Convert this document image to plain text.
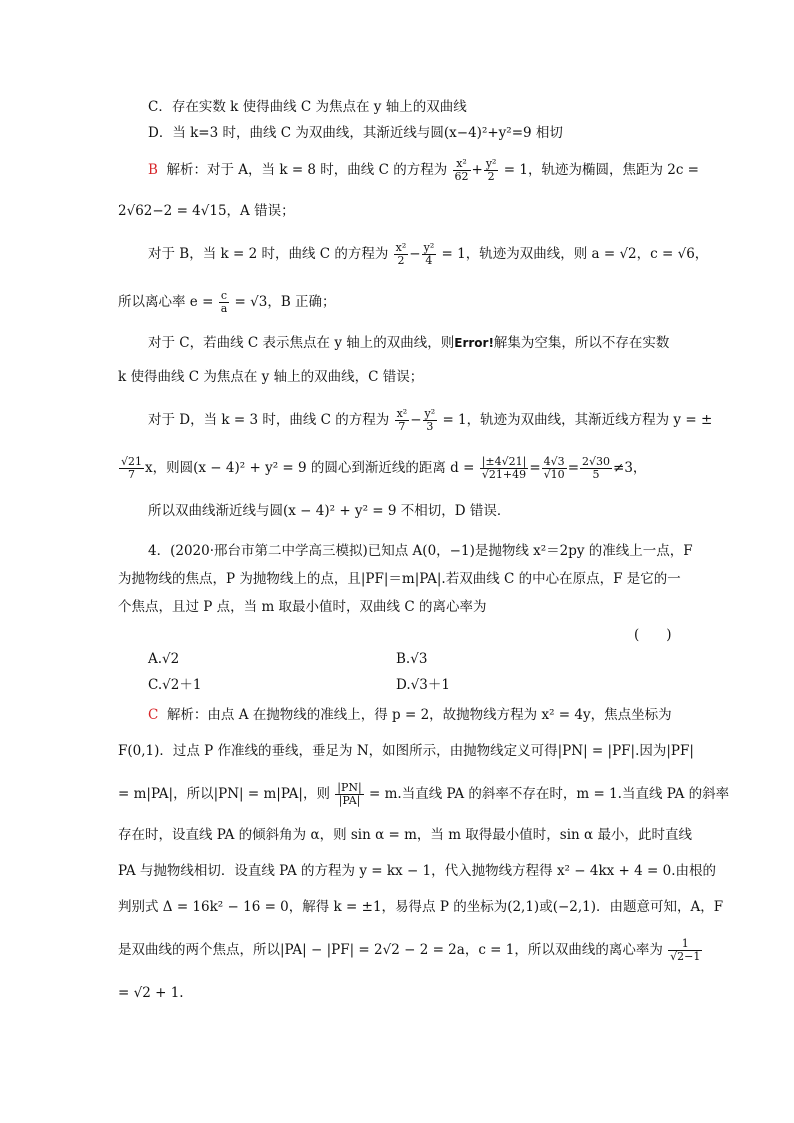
C．存在实数 k 使得曲线 C 为焦点在 y 轴上的双曲线
D．当 k=3 时，曲线 C 为双曲线，其渐近线与圆(x−4)²+y²=9 相切
B 解析：对于 A，当 k = 8 时，曲线 C 的方程为 $\frac{\text{x²}}{62} + \frac{\text{y²}}{2} = 1$，轨迹为椭圆，焦距为 2c =
2√62−2 = 4√15，A 错误；
对于 B，当 k = 2 时，曲线 C 的方程为 $\frac{\text{x²}}{2} - \frac{\text{y²}}{4} = 1$，轨迹为双曲线，则 a = √2，c = √6，
所以离心率 $e = \frac{c}{a} = √3$，B 正确；
对于 C，若曲线 C 表示焦点在 y 轴上的双曲线，则Error!解集为空集，所以不存在实数
k 使得曲线 C 为焦点在 y 轴上的双曲线，C 错误；
对于 D，当 k = 3 时，曲线 C 的方程为 $\frac{\text{x²}}{7} - \frac{\text{y²}}{3} = 1$，轨迹为双曲线，其渐近线方程为 y = ±
$\frac{√21}{7}$ x，则圆(x − 4)² + y² = 9 的圆心到渐近线的距离 $d = \frac{|\pm 4√21|}{√21+49} = \frac{4√3}{√10} = \frac{2√30}{5} \ne 3$，
所以双曲线渐近线与圆(x − 4)² + y² = 9 不相切，D 错误．
4．(2020·邢台市第二中学高三模拟)已知点 A(0，−1)是抛物线 x²＝2py 的准线上一点，F
为抛物线的焦点，P 为抛物线上的点，且|PF|＝m|PA|.若双曲线 C 的中心在原点，F 是它的一
个焦点，且过 P 点，当 m 取最小值时，双曲线 C 的离心率为
(　　)
A.√2	B.√3
C.√2＋1	D.√3＋1
C 解析：由点 A 在抛物线的准线上，得 p = 2，故抛物线方程为 x² = 4y，焦点坐标为
F(0,1)．过点 P 作准线的垂线，垂足为 N，如图所示，由抛物线定义可得|PN| = |PF|.因为|PF|
= m|PA|，所以|PN| = m|PA|，则 $\frac{|PN|}{|PA|} = m$.当直线 PA 的斜率不存在时，m = 1.当直线 PA 的斜率
存在时，设直线 PA 的倾斜角为 α，则 sin α = m，当 m 取得最小值时，sin α 最小，此时直线
PA 与抛物线相切．设直线 PA 的方程为 y = kx − 1，代入抛物线方程得 x² − 4kx + 4 = 0.由根的
判别式 Δ = 16k² − 16 = 0，解得 k = ±1，易得点 P 的坐标为(2,1)或(−2,1)．由题意可知，A，F
是双曲线的两个焦点，所以|PA| − |PF| = 2√2 − 2 = 2a，c = 1，所以双曲线的离心率为 $\frac{1}{√2-1}$
= √2 + 1.
